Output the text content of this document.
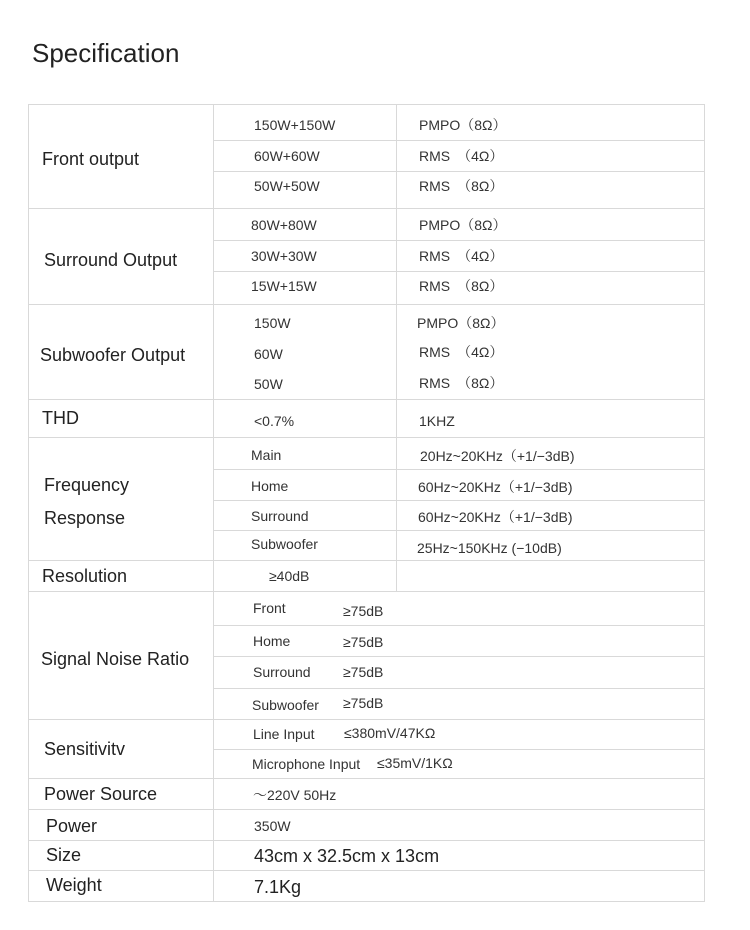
Specification
Front output
150W+150W	PMPO（8Ω）
60W+60W	RMS　（4Ω）
50W+50W	RMS　（8Ω）
Surround Output
80W+80W	PMPO（8Ω）
30W+30W	RMS　（4Ω）
15W+15W	RMS　（8Ω）
Subwoofer Output
150W	PMPO（8Ω）
60W	RMS　（4Ω）
50W	RMS　（8Ω）
THD	<0.7%	1KHZ
Frequency
Response
Main	20Hz~20KHz（+1/−3dB)
Home	60Hz~20KHz（+1/−3dB)
Surround	60Hz~20KHz（+1/−3dB)
Subwoofer	25Hz~150KHz (−10dB)
Resolution	≥40dB
Signal Noise Ratio
Front	≥75dB
Home	≥75dB
Surround ≥75dB
Subwoofer ≥75dB
Sensitivitv
Line Input ≤380mV/47KΩ
Microphone Input ≤35mV/1KΩ
Power Source	～220V 50Hz
Power	350W
Size	43cm x 32.5cm x 13cm
Weight	7.1Kg
